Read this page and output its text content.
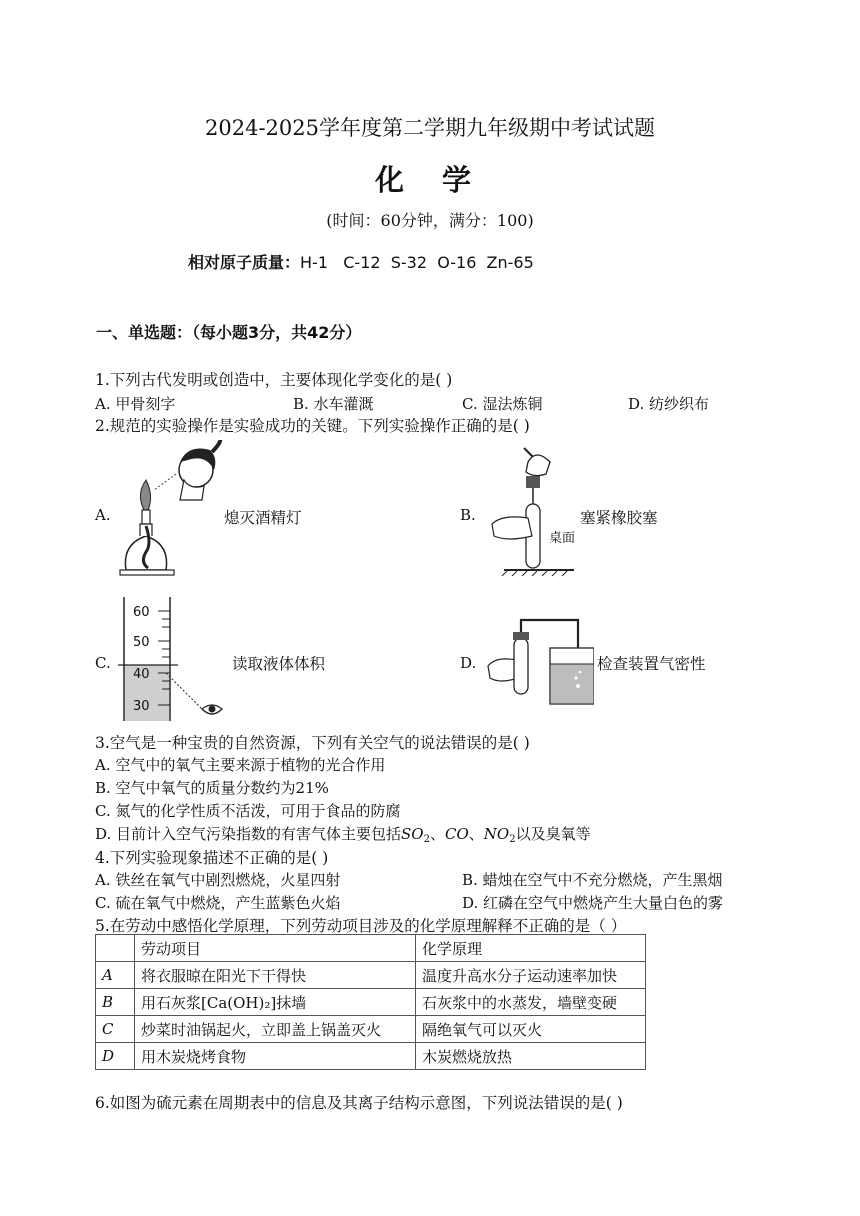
2024-2025学年度第二学期九年级期中考试试题
化 学
(时间：60分钟，满分：100)
相对原子质量：H-1   C-12  S-32  O-16  Zn-65
一、单选题：（每小题3分，共42分）
1.下列古代发明或创造中，主要体现化学变化的是( )
A. 甲骨刻字	B. 水车灌溉	C. 湿法炼铜	D. 纺纱织布
2.规范的实验操作是实验成功的关键。下列实验操作正确的是( )
A.	熄灭酒精灯	B.	塞紧橡胶塞
桌面
C.	读取液体体积	D.	检查装置气密性
60
50
40
30
3.空气是一种宝贵的自然资源，下列有关空气的说法错误的是( )
A. 空气中的氧气主要来源于植物的光合作用
B. 空气中氧气的质量分数约为21%
C. 氮气的化学性质不活泼，可用于食品的防腐
D. 目前计入空气污染指数的有害气体主要包括$SO_2$、CO、$NO_2$以及臭氧等
4.下列实验现象描述不正确的是( )
A. 铁丝在氧气中剧烈燃烧，火星四射	B. 蜡烛在空气中不充分燃烧，产生黑烟
C. 硫在氧气中燃烧，产生蓝紫色火焰	D. 红磷在空气中燃烧产生大量白色的雾
5.在劳动中感悟化学原理，下列劳动项目涉及的化学原理解释不正确的是（ ）
	劳动项目	化学原理
A	将衣服晾在阳光下干得快	温度升高水分子运动速率加快
B	用石灰浆[Ca(OH)₂]抹墙	石灰浆中的水蒸发，墙壁变硬
C	炒菜时油锅起火，立即盖上锅盖灭火	隔绝氧气可以灭火
D	用木炭烧烤食物	木炭燃烧放热
6.如图为硫元素在周期表中的信息及其离子结构示意图，下列说法错误的是( )
